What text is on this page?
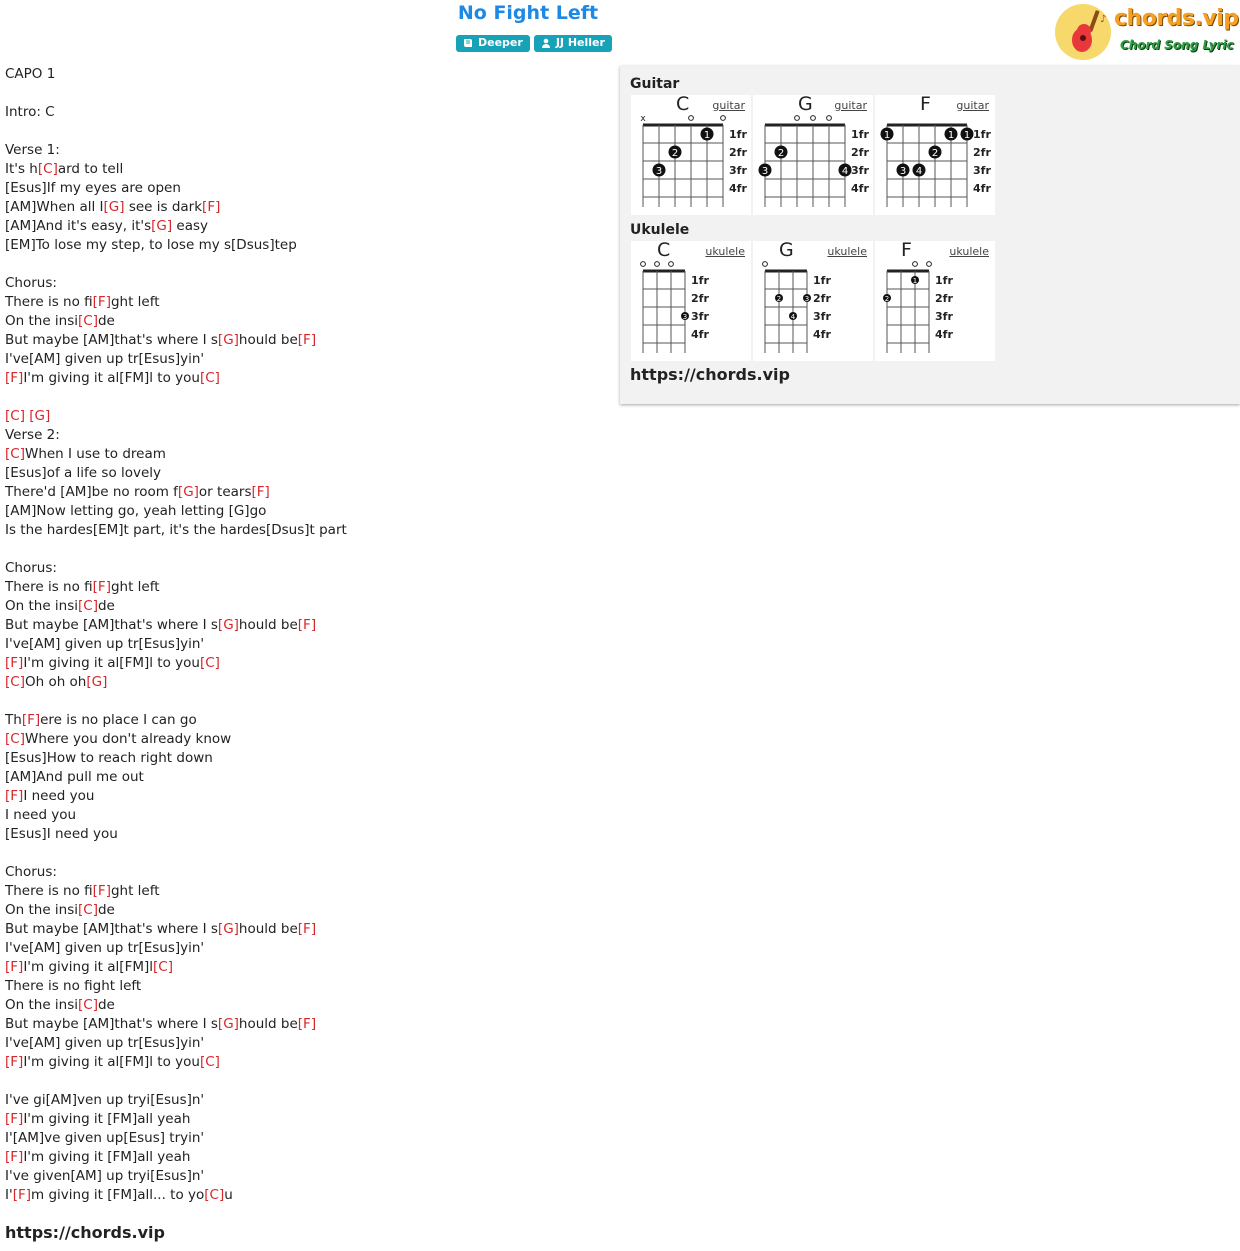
No Fight Left
Deeper	JJ Heller
♪ chords.vip
Chord Song Lyric
CAPO 1
Intro: C
Verse 1:
It's h[C]ard to tell
[Esus]If my eyes are open
[AM]When all I[G] see is dark[F]
[AM]And it's easy, it's[G] easy
[EM]To lose my step, to lose my s[Dsus]tep
Chorus:
There is no fi[F]ght left
On the insi[C]de
But maybe [AM]that's where I s[G]hould be[F]
I've[AM] given up tr[Esus]yin'
[F]I'm giving it al[FM]l to you[C]
[C] [G]
Verse 2:
[C]When I use to dream
[Esus]of a life so lovely
There'd [AM]be no room f[G]or tears[F]
[AM]Now letting go, yeah letting [G]go
Is the hardes[EM]t part, it's the hardes[Dsus]t part
Chorus:
There is no fi[F]ght left
On the insi[C]de
But maybe [AM]that's where I s[G]hould be[F]
I've[AM] given up tr[Esus]yin'
[F]I'm giving it al[FM]l to you[C]
[C]Oh oh oh[G]
Th[F]ere is no place I can go
[C]Where you don't already know
[Esus]How to reach right down
[AM]And pull me out
[F]I need you
I need you
[Esus]I need you
Chorus:
There is no fi[F]ght left
On the insi[C]de
But maybe [AM]that's where I s[G]hould be[F]
I've[AM] given up tr[Esus]yin'
[F]I'm giving it al[FM]l[C]
There is no fight left
On the insi[C]de
But maybe [AM]that's where I s[G]hould be[F]
I've[AM] given up tr[Esus]yin'
[F]I'm giving it al[FM]l to you[C]
I've gi[AM]ven up tryi[Esus]n'
[F]I'm giving it [FM]all yeah
I'[AM]ve given up[Esus] tryin'
[F]I'm giving it [FM]all yeah
I've given[AM] up tryi[Esus]n'
I'[F]m giving it [FM]all... to yo[C]u
https://chords.vip
Guitar
x
1fr
2fr
3fr
4fr
3
2
1
C guitar
1fr
2fr
3fr
4fr
3
2
4
G guitar
1fr
2fr
3fr
4fr
1
3 4
2
1 1
F guitar
Ukulele
1fr
2fr
3fr
4fr
3
C	ukulele
1fr
2fr
3fr
4fr
2
4
3
G	ukulele
1fr
2fr
3fr
4fr
2
1
F	ukulele
https://chords.vip
